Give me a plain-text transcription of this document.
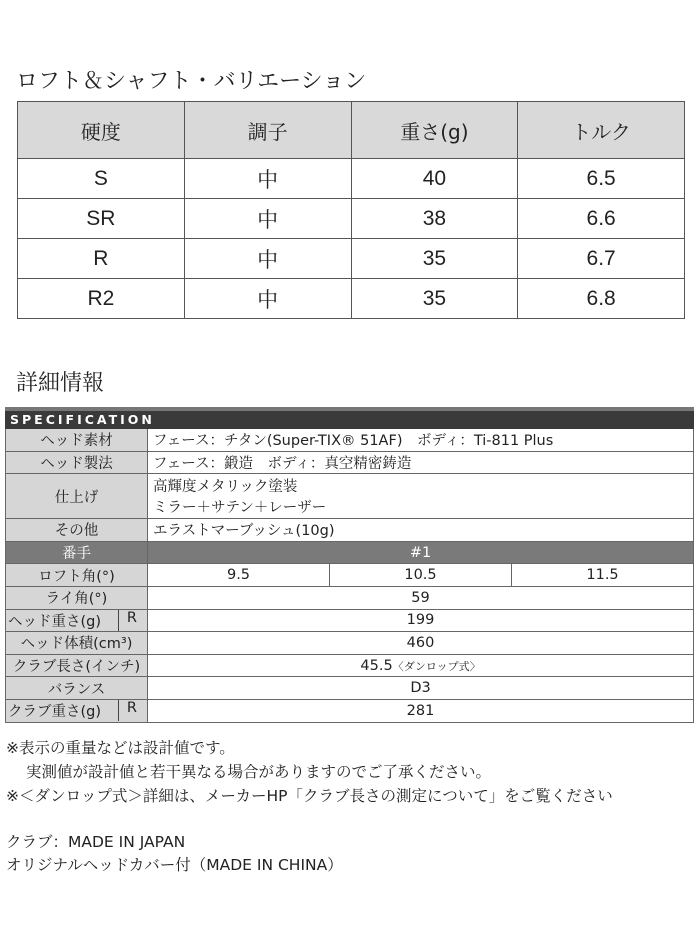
ロフト＆シャフト・バリエーション
硬度	調子	重さ(g)	トルク
S	中	40	6.5
SR	中	38	6.6
R	中	35	6.7
R2	中	35	6.8
詳細情報
SPECIFICATION			
ヘッド素材	フェース：チタン(Super-TIX® 51AF)　ボディ：Ti-811 Plus		
ヘッド製法	フェース：鍛造　ボディ：真空精密鋳造		
仕上げ	高輝度メタリック塗装
ミラー＋サテン＋レーザー		

その他	エラストマーブッシュ(10g)		
番手	#1		
ロフト角(°)	9.5	10.5	11.5
ライ角(°)	59		

ヘッド重さ(g) R	199		
ヘッド体積(cm³)	460		
クラブ長さ(インチ)	45.5〈ダンロップ式〉		
バランス	D3		

クラブ重さ(g) R	281		
※表示の重量などは設計値です。
実測値が設計値と若干異なる場合がありますのでご了承ください。
※＜ダンロップ式＞詳細は、メーカーHP「クラブ長さの測定について」をご覧ください
クラブ：MADE IN JAPAN
オリジナルヘッドカバー付（MADE IN CHINA）
